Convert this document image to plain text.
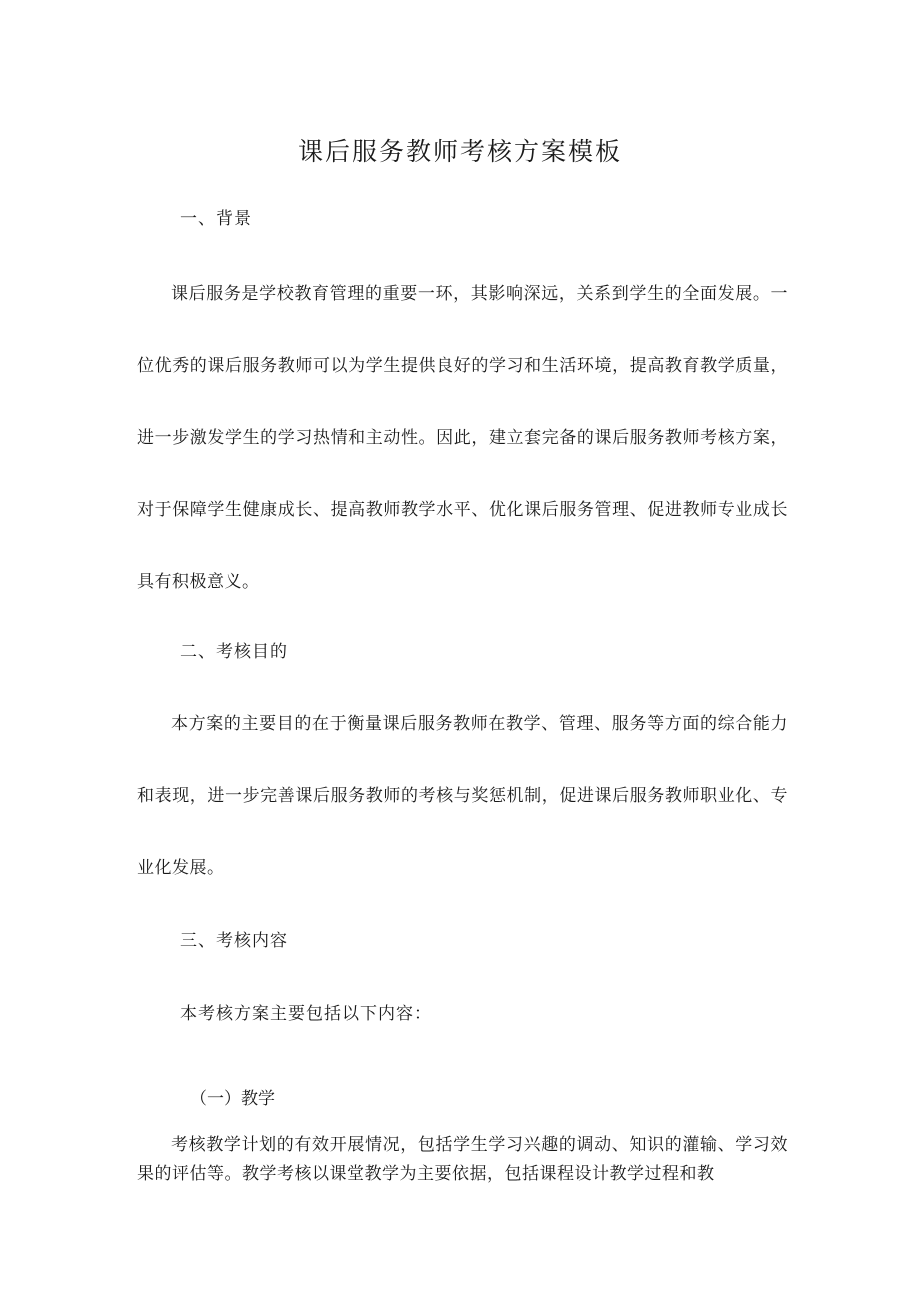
课后服务教师考核方案模板
一、背景

课后服务是学校教育管理的重要一环，其影响深远，关系到学生的全面发展。一位优秀的课后服务教师可以为学生提供良好的学习和生活环境，提高教育教学质量，进一步激发学生的学习热情和主动性。因此，建立套完备的课后服务教师考核方案，对于保障学生健康成长、提高教师教学水平、优化课后服务管理、促进教师专业成长具有积极意义。

二、考核目的

本方案的主要目的在于衡量课后服务教师在教学、管理、服务等方面的综合能力和表现，进一步完善课后服务教师的考核与奖惩机制，促进课后服务教师职业化、专业化发展。

三、考核内容

本考核方案主要包括以下内容：

（一）教学

考核教学计划的有效开展情况，包括学生学习兴趣的调动、知识的灌输、学习效果的评估等。教学考核以课堂教学为主要依据，包括课程设计教学过程和教
